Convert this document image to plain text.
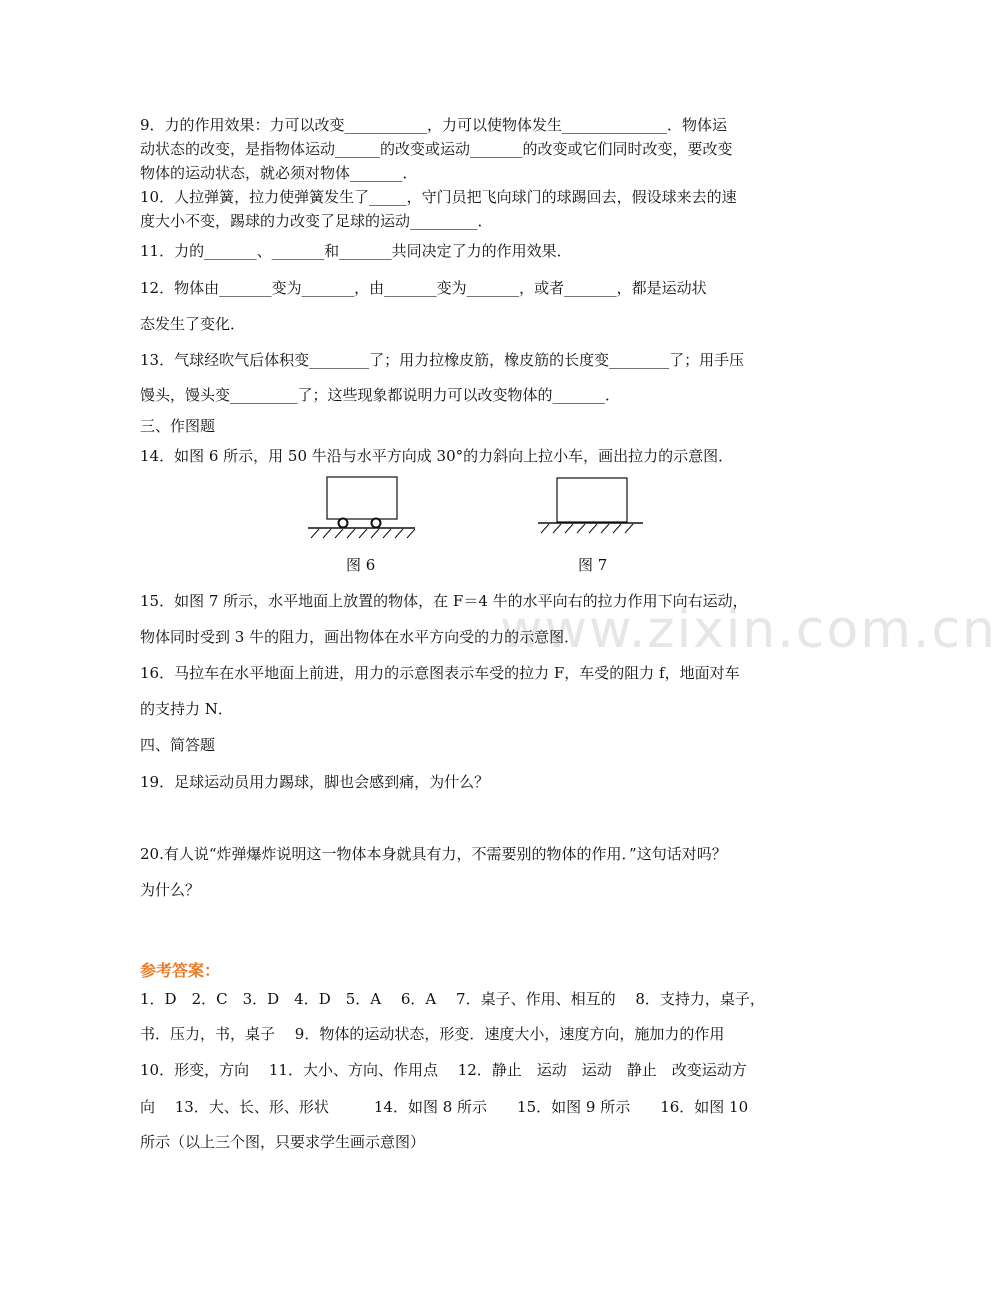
www.zixin.com.cn
9．力的作用效果：力可以改变___________，力可以使物体发生______________．物体运
动状态的改变，是指物体运动______的改变或运动_______的改变或它们同时改变，要改变
物体的运动状态，就必须对物体_______．
10．人拉弹簧，拉力使弹簧发生了_____，守门员把飞向球门的球踢回去，假设球来去的速
度大小不变，踢球的力改变了足球的运动_________．
11．力的_______、_______和_______共同决定了力的作用效果．
12．物体由_______变为_______，由_______变为_______，或者_______，都是运动状
态发生了变化．
13．气球经吹气后体积变________了；用力拉橡皮筋，橡皮筋的长度变________了；用手压
馒头，馒头变_________了；这些现象都说明力可以改变物体的_______．
三、作图题
14．如图 6 所示，用 50 牛沿与水平方向成 30°的力斜向上拉小车，画出拉力的示意图．
图 6	图 7
15．如图 7 所示，水平地面上放置的物体，在 F＝4 牛的水平向右的拉力作用下向右运动，
物体同时受到 3 牛的阻力，画出物体在水平方向受的力的示意图．
16．马拉车在水平地面上前进，用力的示意图表示车受的拉力 F，车受的阻力 f，地面对车
的支持力 N．
四、简答题
19．足球运动员用力踢球，脚也会感到痛，为什么？
20.有人说“炸弹爆炸说明这一物体本身就具有力，不需要别的物体的作用．”这句话对吗？
为什么？
参考答案：
1．D　2．C　3．D　4．D　5．A　 6．A　 7．桌子、作用、相互的　 8．支持力，桌子，
书．压力，书，桌子　 9．物体的运动状态，形变．速度大小，速度方向，施加力的作用
10．形变，方向　 11．大小、方向、作用点　 12．静止　运动　运动　静止　改变运动方
向　 13．大、长、形、形状　　　14．如图 8 所示　　15．如图 9 所示　　16．如图 10
所示（以上三个图，只要求学生画示意图）
